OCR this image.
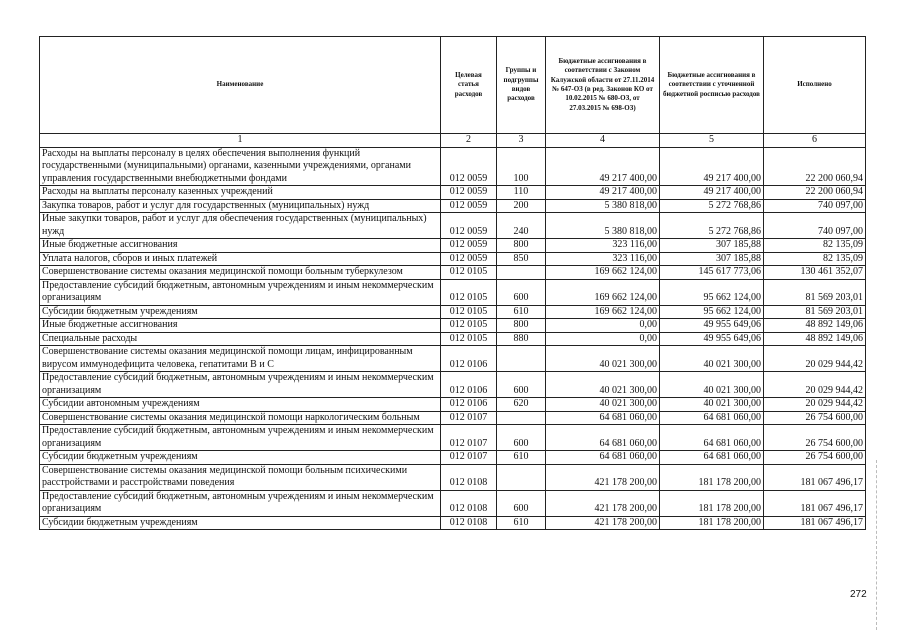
Наименование	Целевая статья расходов	Группы и подгруппы видов расходов	Бюджетные ассигнования в соответствии с Законом Калужской области от 27.11.2014 № 647-ОЗ (в ред. Законов КО от 10.02.2015 № 680-ОЗ, от 27.03.2015 № 698-ОЗ)	Бюджетные ассигнования в соответствии с уточненной бюджетной росписью расходов	Исполнено
1	2	3	4	5	6
Расходы на выплаты персоналу в целях обеспечения выполнения функций государственными (муниципальными) органами, казенными учреждениями, органами управления государственными внебюджетными фондами	012 0059	100	49 217 400,00	49 217 400,00	22 200 060,94
Расходы на выплаты персоналу казенных учреждений	012 0059	110	49 217 400,00	49 217 400,00	22 200 060,94
Закупка товаров, работ и услуг для государственных (муниципальных) нужд	012 0059	200	5 380 818,00	5 272 768,86	740 097,00
Иные закупки товаров, работ и услуг для обеспечения государственных (муниципальных) нужд	012 0059	240	5 380 818,00	5 272 768,86	740 097,00
Иные бюджетные ассигнования	012 0059	800	323 116,00	307 185,88	82 135,09
Уплата налогов, сборов и иных платежей	012 0059	850	323 116,00	307 185,88	82 135,09
Совершенствование системы оказания медицинской помощи больным туберкулезом	012 0105		169 662 124,00	145 617 773,06	130 461 352,07
Предоставление субсидий бюджетным, автономным учреждениям и иным некоммерческим организациям	012 0105	600	169 662 124,00	95 662 124,00	81 569 203,01
Субсидии бюджетным учреждениям	012 0105	610	169 662 124,00	95 662 124,00	81 569 203,01
Иные бюджетные ассигнования	012 0105	800	0,00	49 955 649,06	48 892 149,06
Специальные расходы	012 0105	880	0,00	49 955 649,06	48 892 149,06
Совершенствование системы оказания медицинской помощи лицам, инфицированным вирусом иммунодефицита человека, гепатитами В и С	012 0106		40 021 300,00	40 021 300,00	20 029 944,42
Предоставление субсидий бюджетным, автономным учреждениям и иным некоммерческим организациям	012 0106	600	40 021 300,00	40 021 300,00	20 029 944,42
Субсидии автономным учреждениям	012 0106	620	40 021 300,00	40 021 300,00	20 029 944,42
Совершенствование системы оказания медицинской помощи наркологическим больным	012 0107		64 681 060,00	64 681 060,00	26 754 600,00
Предоставление субсидий бюджетным, автономным учреждениям и иным некоммерческим организациям	012 0107	600	64 681 060,00	64 681 060,00	26 754 600,00
Субсидии бюджетным учреждениям	012 0107	610	64 681 060,00	64 681 060,00	26 754 600,00
Совершенствование системы оказания медицинской помощи больным психическими расстройствами и расстройствами поведения	012 0108		421 178 200,00	181 178 200,00	181 067 496,17
Предоставление субсидий бюджетным, автономным учреждениям и иным некоммерческим организациям	012 0108	600	421 178 200,00	181 178 200,00	181 067 496,17
Субсидии бюджетным учреждениям	012 0108	610	421 178 200,00	181 178 200,00	181 067 496,17
272
